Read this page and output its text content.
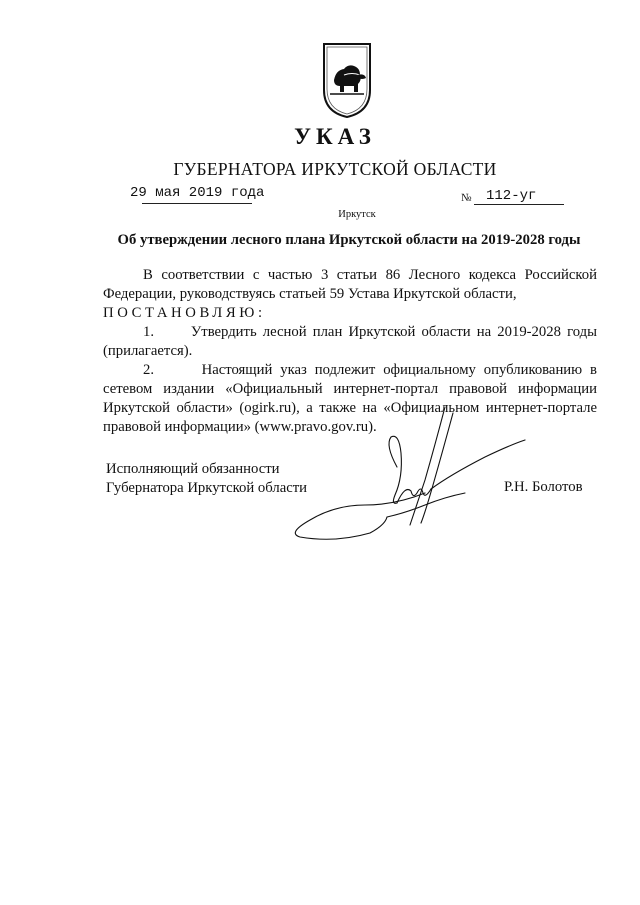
УКАЗ
ГУБЕРНАТОРА ИРКУТСКОЙ ОБЛАСТИ
29 мая 2019 года	№ 112-уг
Иркутск
Об утверждении лесного плана Иркутской области на 2019-2028 годы

В соответствии с частью 3 статьи 86 Лесного кодекса Российской

Федерации, руководствуясь статьей 59 Устава Иркутской области,

ПОСТАНОВЛЯЮ:

1.      Утвердить лесной план Иркутской области на 2019-2028 годы

(прилагается).

2.      Настоящий указ подлежит официальному опубликованию в

сетевом издании «Официальный интернет-портал правовой информации

Иркутской области» (ogirk.ru), а также на «Официальном интернет-портале

правовой информации» (www.pravo.gov.ru).

Исполняющий обязанности
Губернатора Иркутской области	Р.Н. Болотов
